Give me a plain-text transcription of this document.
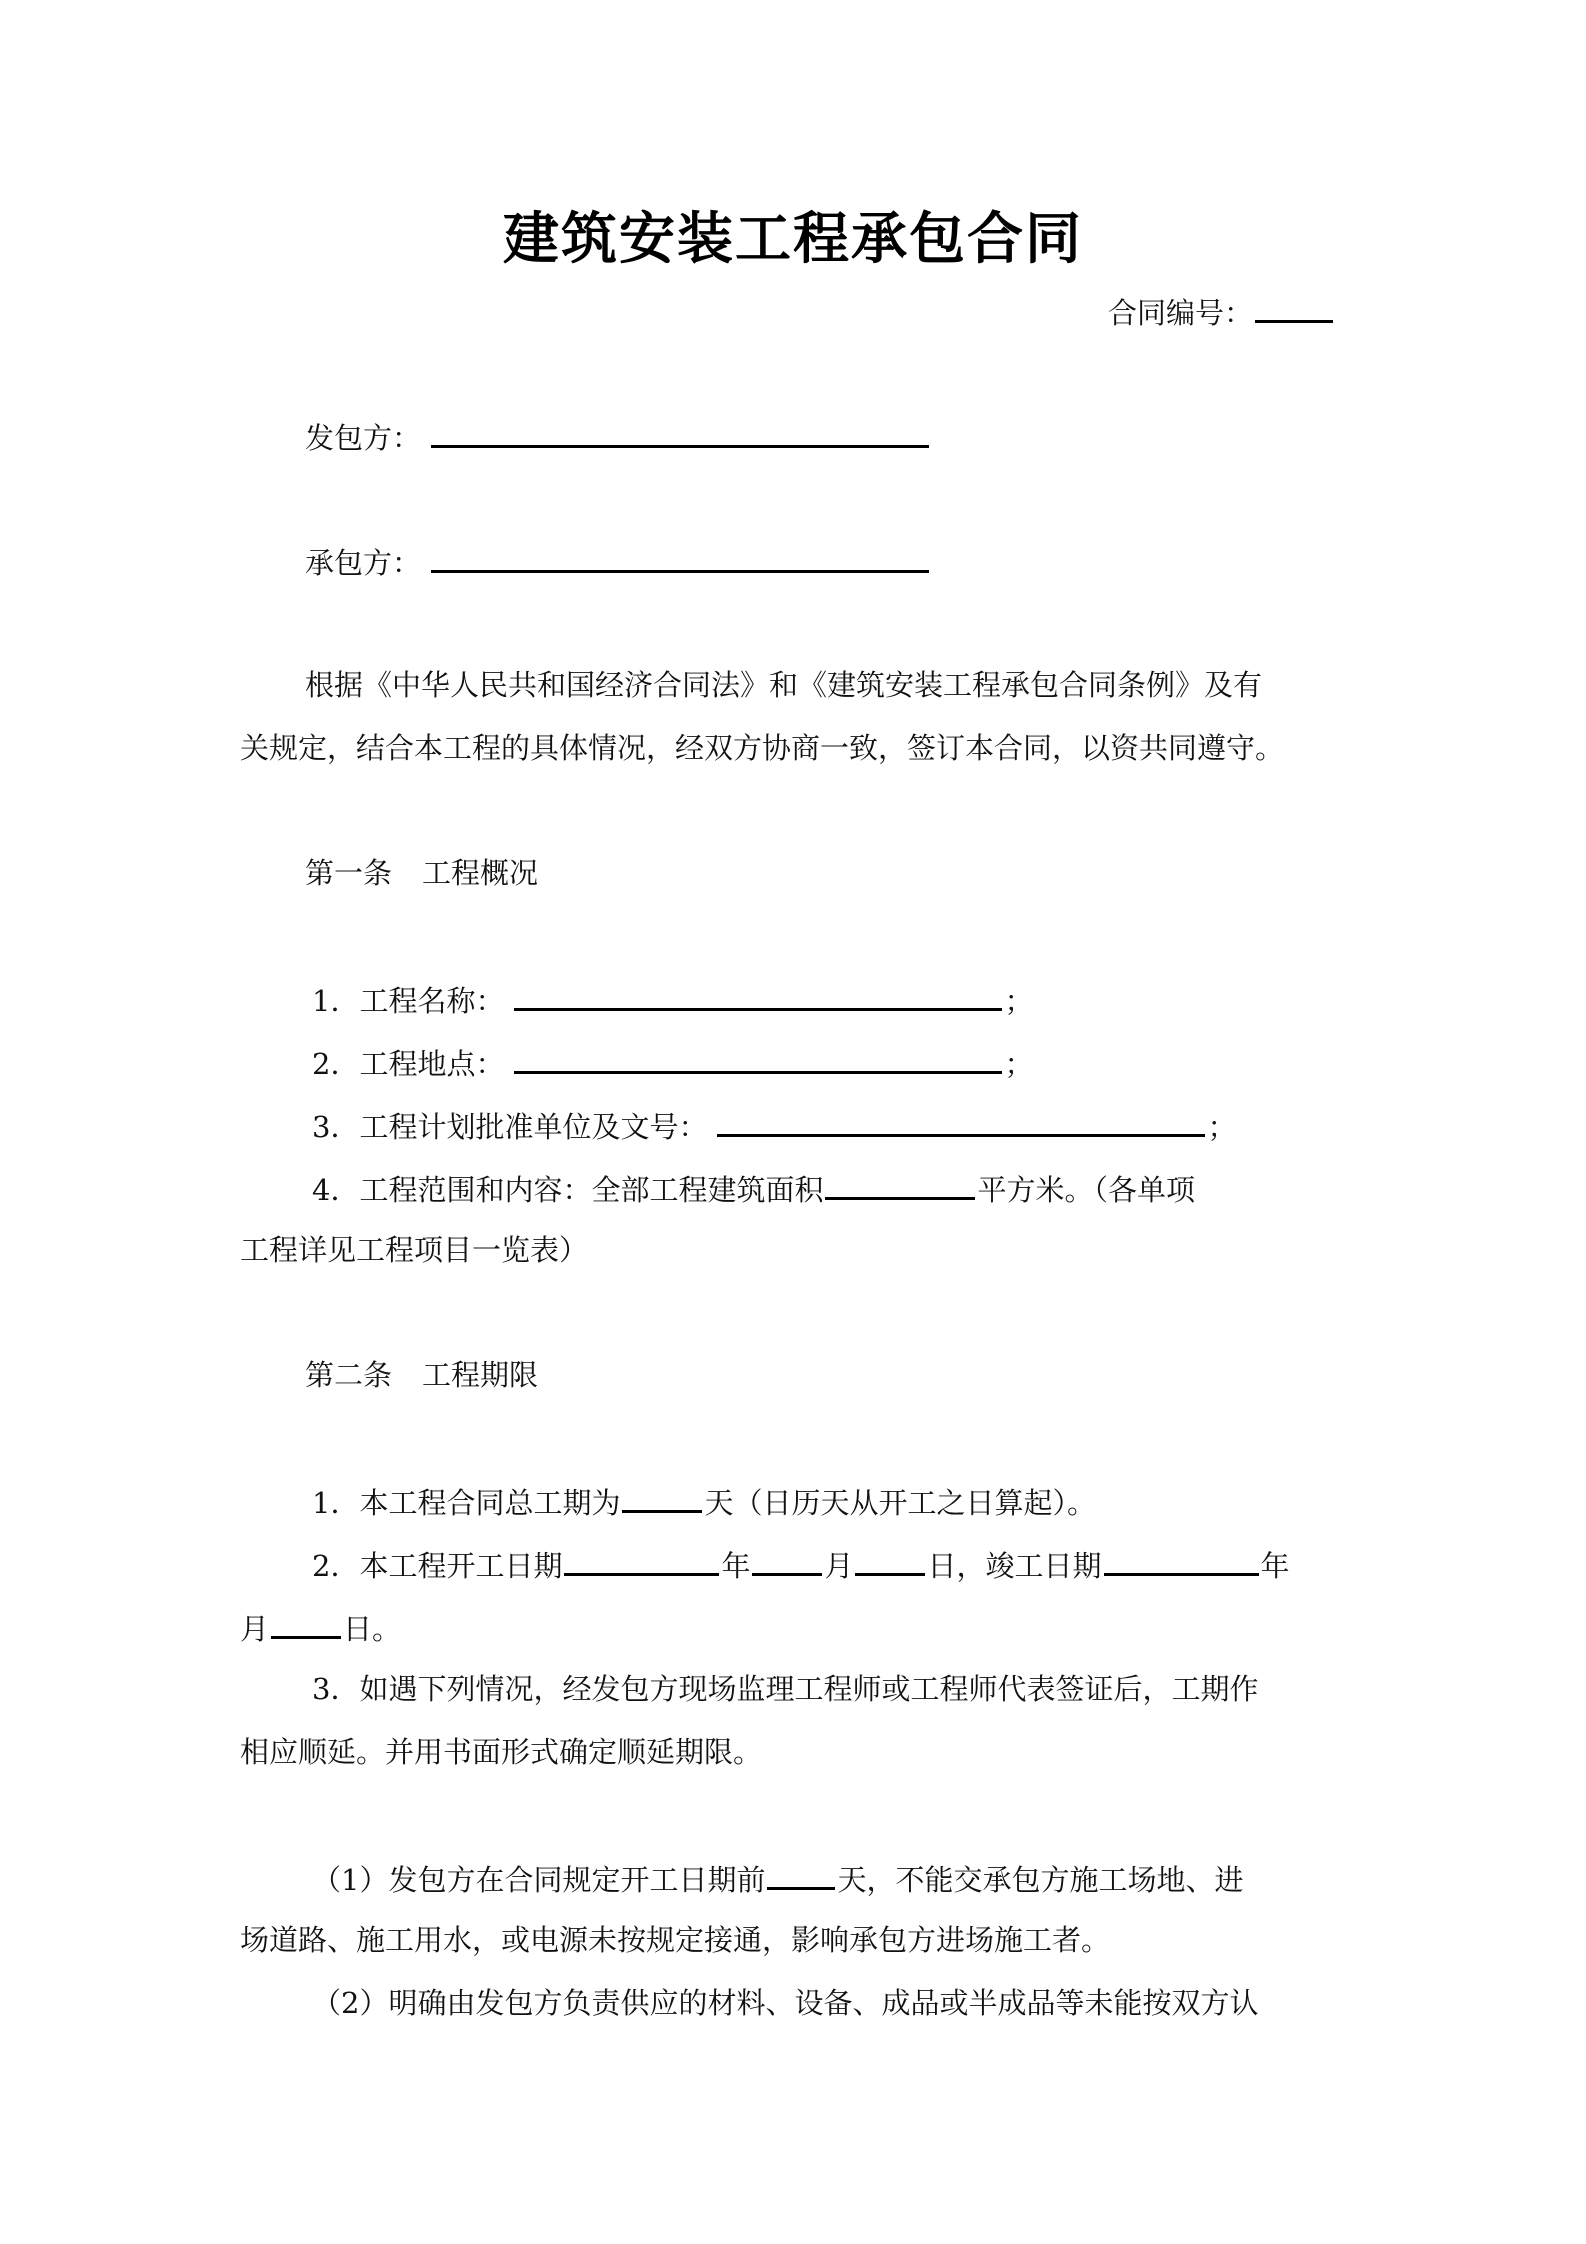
建筑安装工程承包合同
合同编号：
发包方：
承包方：
根据《中华人民共和国经济合同法》和《建筑安装工程承包合同条例》及有
关规定，结合本工程的具体情况，经双方协商一致，签订本合同，以资共同遵守。
第一条 工程概况
1．工程名称：	；
2．工程地点：	；
3．工程计划批准单位及文号：	；
4．工程范围和内容：全部工程建筑面积	平方米。（各单项
工程详见工程项目一览表）
第二条 工程期限
1．本工程合同总工期为	天（日历天从开工之日算起）。
2．本工程开工日期	年	月	日，竣工日期	年
月	日。
3．如遇下列情况，经发包方现场监理工程师或工程师代表签证后，工期作
相应顺延。并用书面形式确定顺延期限。
（1）发包方在合同规定开工日期前 天，不能交承包方施工场地、进
场道路、施工用水，或电源未按规定接通，影响承包方进场施工者。
（2）明确由发包方负责供应的材料、设备、成品或半成品等未能按双方认
